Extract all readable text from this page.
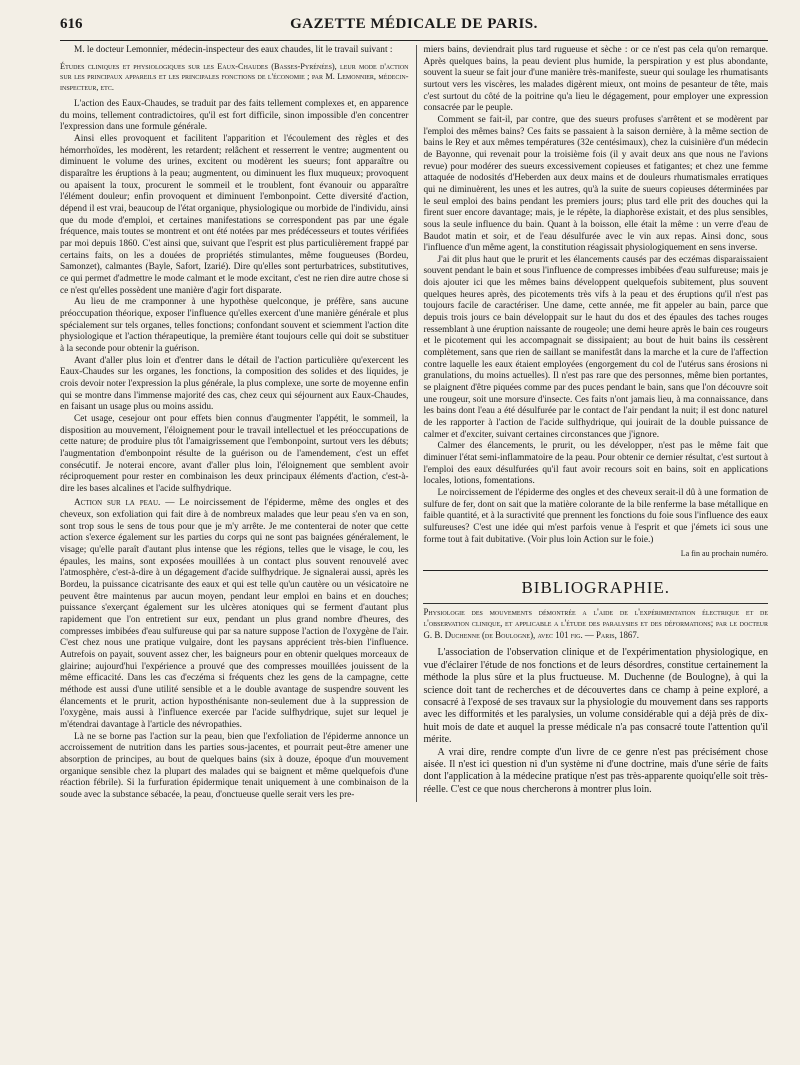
616	GAZETTE MÉDICALE DE PARIS.

M. le docteur Lemonnier, médecin-inspecteur des eaux chaudes, lit le travail suivant :

Études cliniques et physiologiques sur les Eaux-Chaudes (Basses-Pyrénées), leur mode d'action sur les principaux appareils et les principales fonctions de l'économie ; par M. Lemonnier, médecin-inspecteur, etc.

L'action des Eaux-Chaudes, se traduit par des faits tellement complexes et, en apparence du moins, tellement contradictoires, qu'il est fort difficile, sinon impossible d'en concentrer l'expression dans une formule générale.

Ainsi elles provoquent et facilitent l'apparition et l'écoulement des règles et des hémorrhoïdes, les modèrent, les retardent; relâchent et resserrent le ventre; augmentent ou diminuent le volume des urines, excitent ou modèrent les sueurs; font apparaître ou disparaître les éruptions à la peau; augmentent, ou diminuent les flux muqueux; provoquent ou apaisent la toux, procurent le sommeil et le troublent, font évanouir ou apparaître l'élément douleur; enfin provoquent et diminuent l'embonpoint. Cette diversité d'action, dépend il est vrai, beaucoup de l'état organique, physiologique ou morbide de l'individu, ainsi que du mode d'emploi, et certaines manifestations se correspondent pas par une égale fréquence, mais toutes se montrent et ont été notées par mes prédécesseurs et toutes vérifiées par moi depuis 1860. C'est ainsi que, suivant que l'esprit est plus particulièrement frappé par certains faits, on les a douées de propriétés stimulantes, même fougueuses (Bordeu, Samonzet), calmantes (Bayle, Safort, Izarié). Dire qu'elles sont perturbatrices, substitutives, ce qui permet d'admettre le mode calmant et le mode excitant, c'est ne rien dire autre chose si ce n'est qu'elles possèdent une manière d'agir fort disparate.

Au lieu de me cramponner à une hypothèse quelconque, je préfère, sans aucune préoccupation théorique, exposer l'influence qu'elles exercent d'une manière générale et plus spécialement sur tels organes, telles fonctions; confondant souvent et sciemment l'action dite physiologique et l'action thérapeutique, la première étant toujours celle qui doit se substituer à la seconde pour obtenir la guérison.

Avant d'aller plus loin et d'entrer dans le détail de l'action particulière qu'exercent les Eaux-Chaudes sur les organes, les fonctions, la composition des solides et des liquides, je crois devoir noter l'expression la plus générale, la plus complexe, une sorte de moyenne enfin qui se montre dans l'immense majorité des cas, chez ceux qui séjournent aux Eaux-Chaudes, en faisant un usage plus ou moins assidu.

Cet usage, cesejour ont pour effets bien connus d'augmenter l'appétit, le sommeil, la disposition au mouvement, l'éloignement pour le travail intellectuel et les préoccupations de cette nature; de produire plus tôt l'amaigrissement que l'embonpoint, surtout vers les débuts; l'augmentation d'embonpoint résulte de la guérison ou de l'amendement, c'est un effet consécutif. Je noterai encore, avant d'aller plus loin, l'éloignement que semblent avoir réciproquement pour rester en combinaison les deux principaux éléments d'action, c'est-à-dire les bases alcalines et l'acide sulfhydrique.

Action sur la peau. — Le noircissement de l'épiderme, même des ongles et des cheveux, son exfoliation qui fait dire à de nombreux malades que leur peau s'en va en son, sont trop sous le sens de tous pour que je m'y arrête. Je me contenterai de noter que cette action s'exerce également sur les parties du corps qui ne sont pas baignées généralement, le visage; qu'elle paraît d'autant plus intense que les régions, telles que le visage, le cou, les épaules, les mains, sont exposées mouillées à un contact plus souvent renouvelé avec l'atmosphère, c'est-à-dire à un dégagement d'acide sulfhydrique. Je signalerai aussi, après les Bordeu, la puissance cicatrisante des eaux et qui est telle qu'un cautère ou un vésicatoire ne peuvent être maintenus par aucun moyen, pendant leur emploi en bains et en douches; puissance s'exerçant également sur les ulcères atoniques qui se ferment d'autant plus rapidement que l'on entretient sur eux, pendant un plus grand nombre d'heures, des compresses imbibées d'eau sulfureuse qui par sa nature suppose l'action de l'oxygène de l'air. C'est chez nous une pratique vulgaire, dont les paysans apprécient très-bien l'influence. Autrefois on payait, souvent assez cher, les baigneurs pour en obtenir quelques morceaux de glairine; aujourd'hui l'expérience a prouvé que des compresses mouillées jouissent de la même efficacité. Dans les cas d'eczéma si fréquents chez les gens de la campagne, cette méthode est aussi d'une utilité sensible et a le double avantage de suspendre souvent les élancements et le prurit, action hyposthénisante non-seulement due à la suppression de l'oxygène, mais aussi à l'influence exercée par l'acide sulfhydrique, sujet sur lequel je m'étendrai davantage à l'article des névropathies.

Là ne se borne pas l'action sur la peau, bien que l'exfoliation de l'épiderme annonce un accroissement de nutrition dans les parties sous-jacentes, et pourrait peut-être amener une absorption de principes, au bout de quelques bains (six à douze, époque d'un mouvement organique sensible chez la plupart des malades qui se baignent et même quelquefois d'une réaction fébrile). Si la furfuration épidermique tenait uniquement à une combinaison de la soude avec la substance sébacée, la peau, d'onctueuse quelle serait vers les pre-

miers bains, deviendrait plus tard rugueuse et sèche : or ce n'est pas cela qu'on remarque. Après quelques bains, la peau devient plus humide, la perspiration y est plus abondante, souvent la sueur se fait jour d'une manière très-manifeste, sueur qui soulage les rhumatisants surtout vers les viscères, les malades digèrent mieux, ont moins de pesanteur de tête, mais c'est surtout du côté de la poitrine qu'a lieu le dégagement, pour employer une expression consacrée par le peuple.

Comment se fait-il, par contre, que des sueurs profuses s'arrêtent et se modèrent par l'emploi des mêmes bains? Ces faits se passaient à la saison dernière, à la même section de bains le Rey et aux mêmes températures (32e centésimaux), chez la cuisinière d'un médecin de Bayonne, qui revenait pour la troisième fois (il y avait deux ans que nous ne l'avions revue) pour modérer des sueurs excessivement copieuses et fatigantes; et chez une femme attaquée de nodosités d'Heberden aux deux mains et de douleurs rhumatismales erratiques qui ne diminuèrent, les unes et les autres, qu'à la suite de sueurs copieuses déterminées par le seul emploi des bains pendant les premiers jours; plus tard elle prit des douches qui la firent suer encore davantage; mais, je le répète, la diaphorèse existait, et des plus sensibles, sous la seule influence du bain. Quant à la boisson, elle était la même : un verre d'eau de Baudot matin et soir, et de l'eau désulfurée avec le vin aux repas. Ainsi donc, sous l'influence d'un même agent, la constitution réagissait physiologiquement en sens inverse.

J'ai dit plus haut que le prurit et les élancements causés par des eczémas disparaissaient souvent pendant le bain et sous l'influence de compresses imbibées d'eau sulfureuse; mais je dois ajouter ici que les mêmes bains développent quelquefois subitement, plus souvent quelques heures après, des picotements très vifs à la peau et des éruptions qu'il n'est pas toujours facile de caractériser. Une dame, cette année, me fit appeler au bain, parce que depuis trois jours ce bain développait sur le haut du dos et des épaules des taches rouges ressemblant à une éruption naissante de rougeole; une demi heure après le bain ces rougeurs et le picotement qui les accompagnait se dissipaient; au bout de huit bains ils cessèrent complètement, sans que rien de saillant se manifestât dans la marche et la cure de l'affection contre laquelle les eaux étaient employées (engorgement du col de l'utérus sans érosions ni granulations, du moins actuelles). Il n'est pas rare que des personnes, même bien portantes, se plaignent d'être piquées comme par des puces pendant le bain, sans que l'on découvre soit une rougeur, soit une morsure d'insecte. Ces faits n'ont jamais lieu, à ma connaissance, dans les bains dont l'eau a été désulfurée par le contact de l'air pendant la nuit; il est donc naturel de les rapporter à l'action de l'acide sulfhydrique, qui jouirait de la double puissance de calmer et d'exciter, suivant certaines circonstances que j'ignore.

Calmer des élancements, le prurit, ou les développer, n'est pas le même fait que diminuer l'état semi-inflammatoire de la peau. Pour obtenir ce dernier résultat, c'est surtout à l'emploi des eaux désulfurées qu'il faut avoir recours soit en bains, soit en applications locales, lotions, fomentations.

Le noircissement de l'épiderme des ongles et des cheveux serait-il dû à une formation de sulfure de fer, dont on sait que la matière colorante de la bile renferme la base métallique en faible quantité, et à la suractivité que prennent les fonctions du foie sous l'influence des eaux sulfureuses? C'est une idée qui m'est parfois venue à l'esprit et que j'émets ici sous une forme tout à fait dubitative. (Voir plus loin Action sur le foie.)

La fin au prochain numéro.

BIBLIOGRAPHIE.

Physiologie des mouvements démontrée a l'aide de l'expérimentation électrique et de l'observation clinique, et applicable a l'étude des paralysies et des déformations; par le docteur G. B. Duchenne (de Boulogne), avec 101 fig. — Paris, 1867.

L'association de l'observation clinique et de l'expérimentation physiologique, en vue d'éclairer l'étude de nos fonctions et de leurs désordres, constitue certainement la méthode la plus sûre et la plus fructueuse. M. Duchenne (de Boulogne), à qui la science doit tant de recherches et de découvertes dans ce champ à peine exploré, a consacré à l'exposé de ses travaux sur la physiologie du mouvement dans ses rapports avec les difformités et les paralysies, un volume considérable qui a déjà près de dix-huit mois de date et auquel la presse médicale n'a pas consacré toute l'attention qu'il mérite.

A vrai dire, rendre compte d'un livre de ce genre n'est pas précisément chose aisée. Il n'est ici question ni d'un système ni d'une doctrine, mais d'une série de faits dont l'application à la médecine pratique n'est pas très-apparente quoiqu'elle soit très-réelle. C'est ce que nous chercherons à montrer plus loin.
